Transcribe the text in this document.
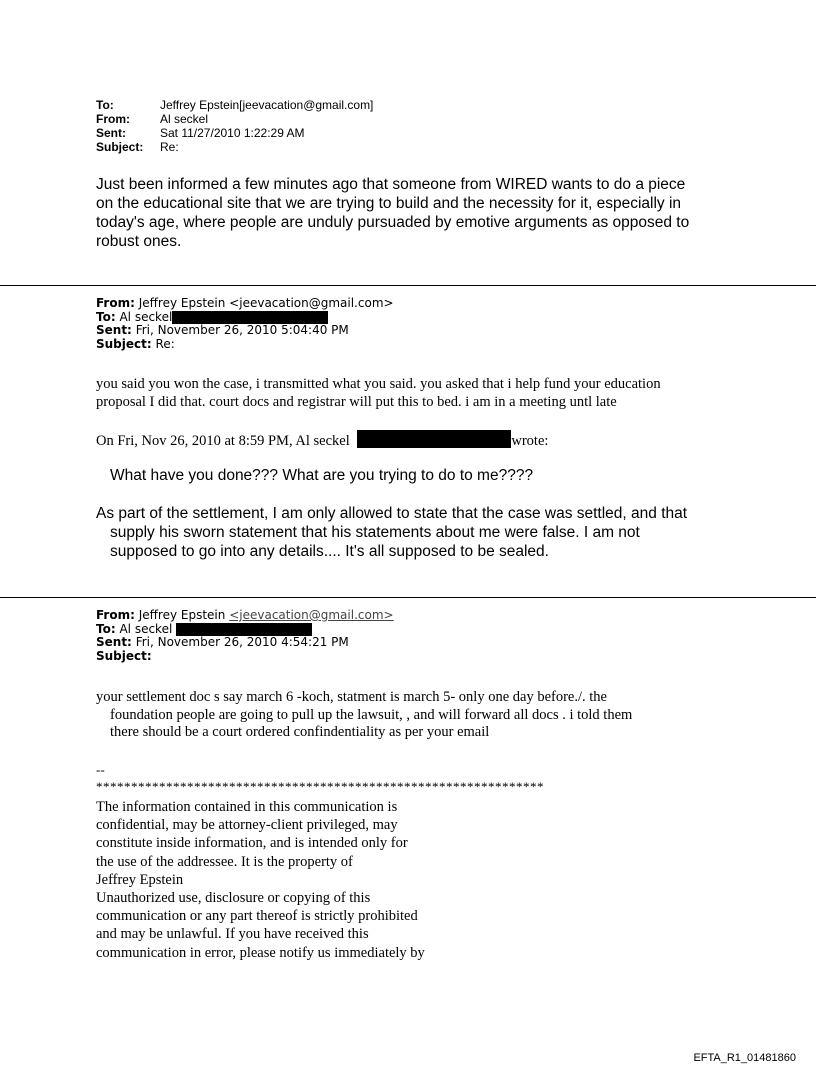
To:	Jeffrey Epstein[jeevacation@gmail.com]
From:	Al seckel
Sent:	Sat 11/27/2010 1:22:29 AM
Subject:	Re:
Just been informed a few minutes ago that someone from WIRED wants to do a piece
on the educational site that we are trying to build and the necessity for it, especially in
today's age, where people are unduly pursuaded by emotive arguments as opposed to
robust ones.
From: Jeffrey Epstein <jeevacation@gmail.com>
To: Al seckel
Sent: Fri, November 26, 2010 5:04:40 PM
Subject: Re:
you said you won the case, i transmitted what you said. you asked that i help fund your education
proposal I did that. court docs and registrar will put this to bed. i am in a meeting untl late
On Fri, Nov 26, 2010 at 8:59 PM, Al seckel	wrote:
What have you done??? What are you trying to do to me????
As part of the settlement, I am only allowed to state that the case was settled, and that
supply his sworn statement that his statements about me were false. I am not
supposed to go into any details.... It's all supposed to be sealed.
From: Jeffrey Epstein <jeevacation@gmail.com>
To: Al seckel
Sent: Fri, November 26, 2010 4:54:21 PM
Subject:
your settlement doc s say march 6 -koch, statment is march 5- only one day before./. the
foundation people are going to pull up the lawsuit, , and will forward all docs . i told them
there should be a court ordered confindentiality as per your email
--
****************************************************************
The information contained in this communication is
confidential, may be attorney-client privileged, may
constitute inside information, and is intended only for
the use of the addressee. It is the property of
Jeffrey Epstein
Unauthorized use, disclosure or copying of this
communication or any part thereof is strictly prohibited
and may be unlawful. If you have received this
communication in error, please notify us immediately by
EFTA_R1_01481860
